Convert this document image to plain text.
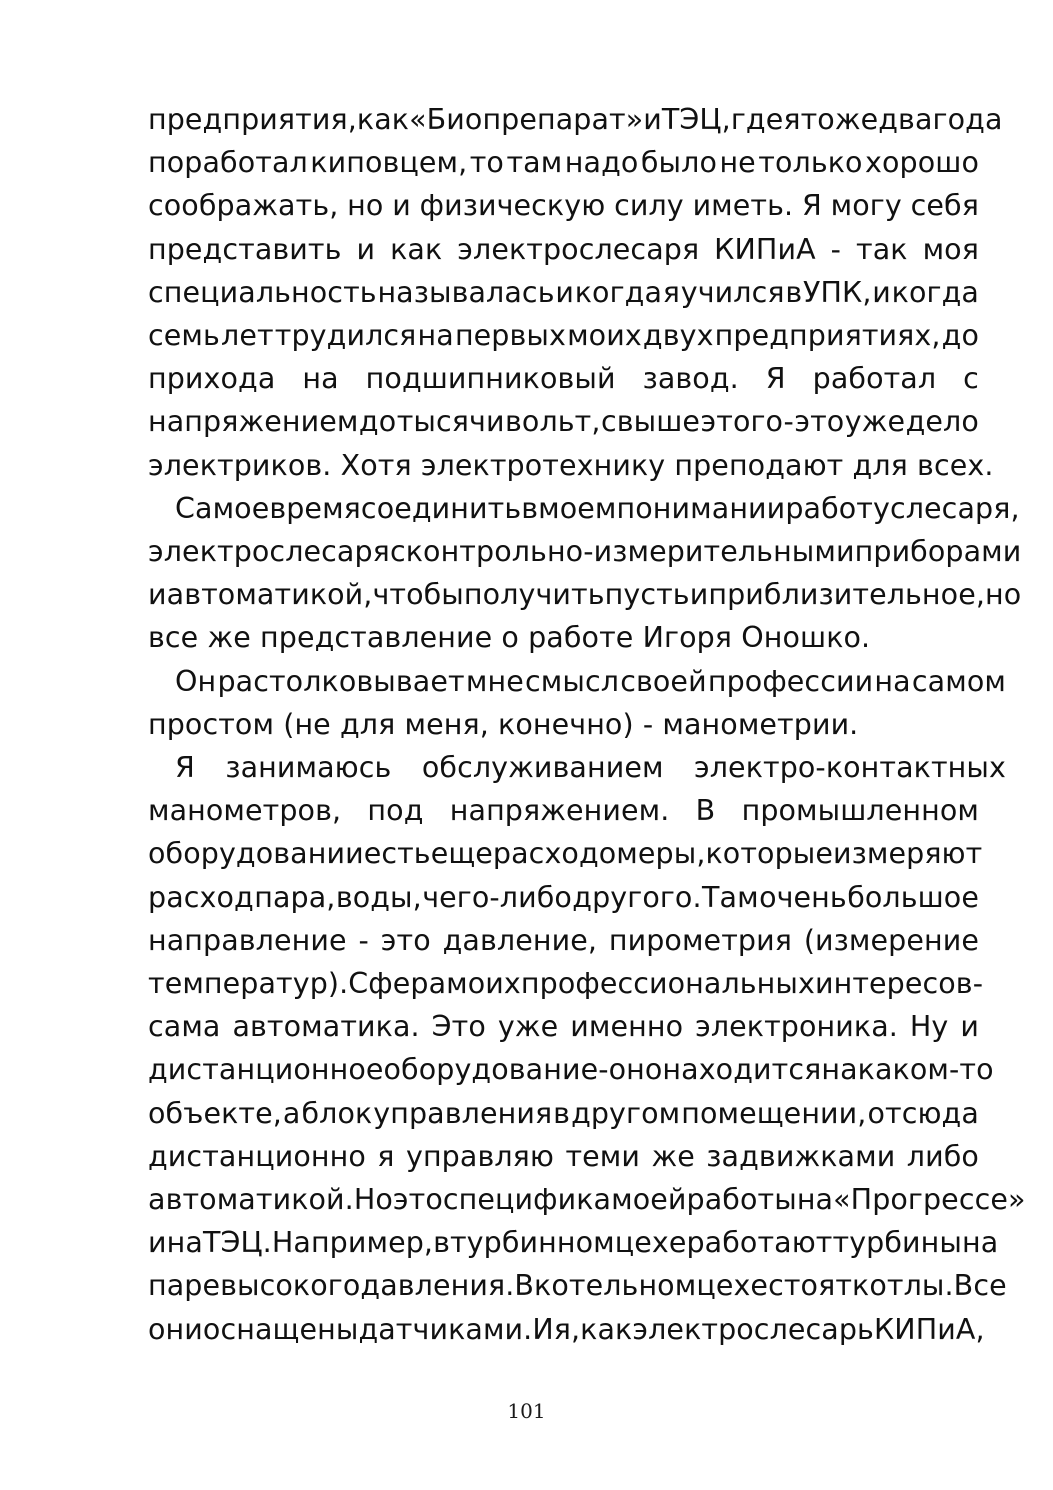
предприятия, как «Биопрепарат» и ТЭЦ, где я тоже два года
поработал киповцем, то там надо было не только хорошо
соображать, но и физическую силу иметь. Я могу себя
представить и как электрослесаря КИПиА - так моя
специальность называлась и когда я учился в УПК, и когда
семь лет трудился на первых моих двух предприятиях, до
прихода на подшипниковый завод. Я работал с
напряжением до тысячи вольт, свыше этого - это уже дело
электриков. Хотя электротехнику преподают для всех.

Самое время соединить в моем понимании работу слесаря,
электрослесаря с контрольно-измерительными приборами
и автоматикой, чтобы получить пусть и приблизительное, но
все же представление о работе Игоря Оношко.

Он растолковывает мне смысл своей профессии на самом
простом (не для меня, конечно) - манометрии.

Я занимаюсь обслуживанием электро-контактных
манометров, под напряжением. В промышленном
оборудовании есть еще расходомеры, которые измеряют
расход пара, воды, чего-либо другого. Там очень большое
направление - это давление, пирометрия (измерение
температур). Сфера моих профессиональных интересов -
сама автоматика. Это уже именно электроника. Ну и
дистанционное оборудование - оно находится на каком-то
объекте, а блок управления в другом помещении, отсюда
дистанционно я управляю теми же задвижками либо
автоматикой. Но это специфика моей работы на «Прогрессе»
и на ТЭЦ. Например, в турбинном цехе работают турбины на
паре высокого давления. В котельном цехе стоят котлы. Все
они оснащены датчиками. И я, как электрослесарь КИПиА,

101
